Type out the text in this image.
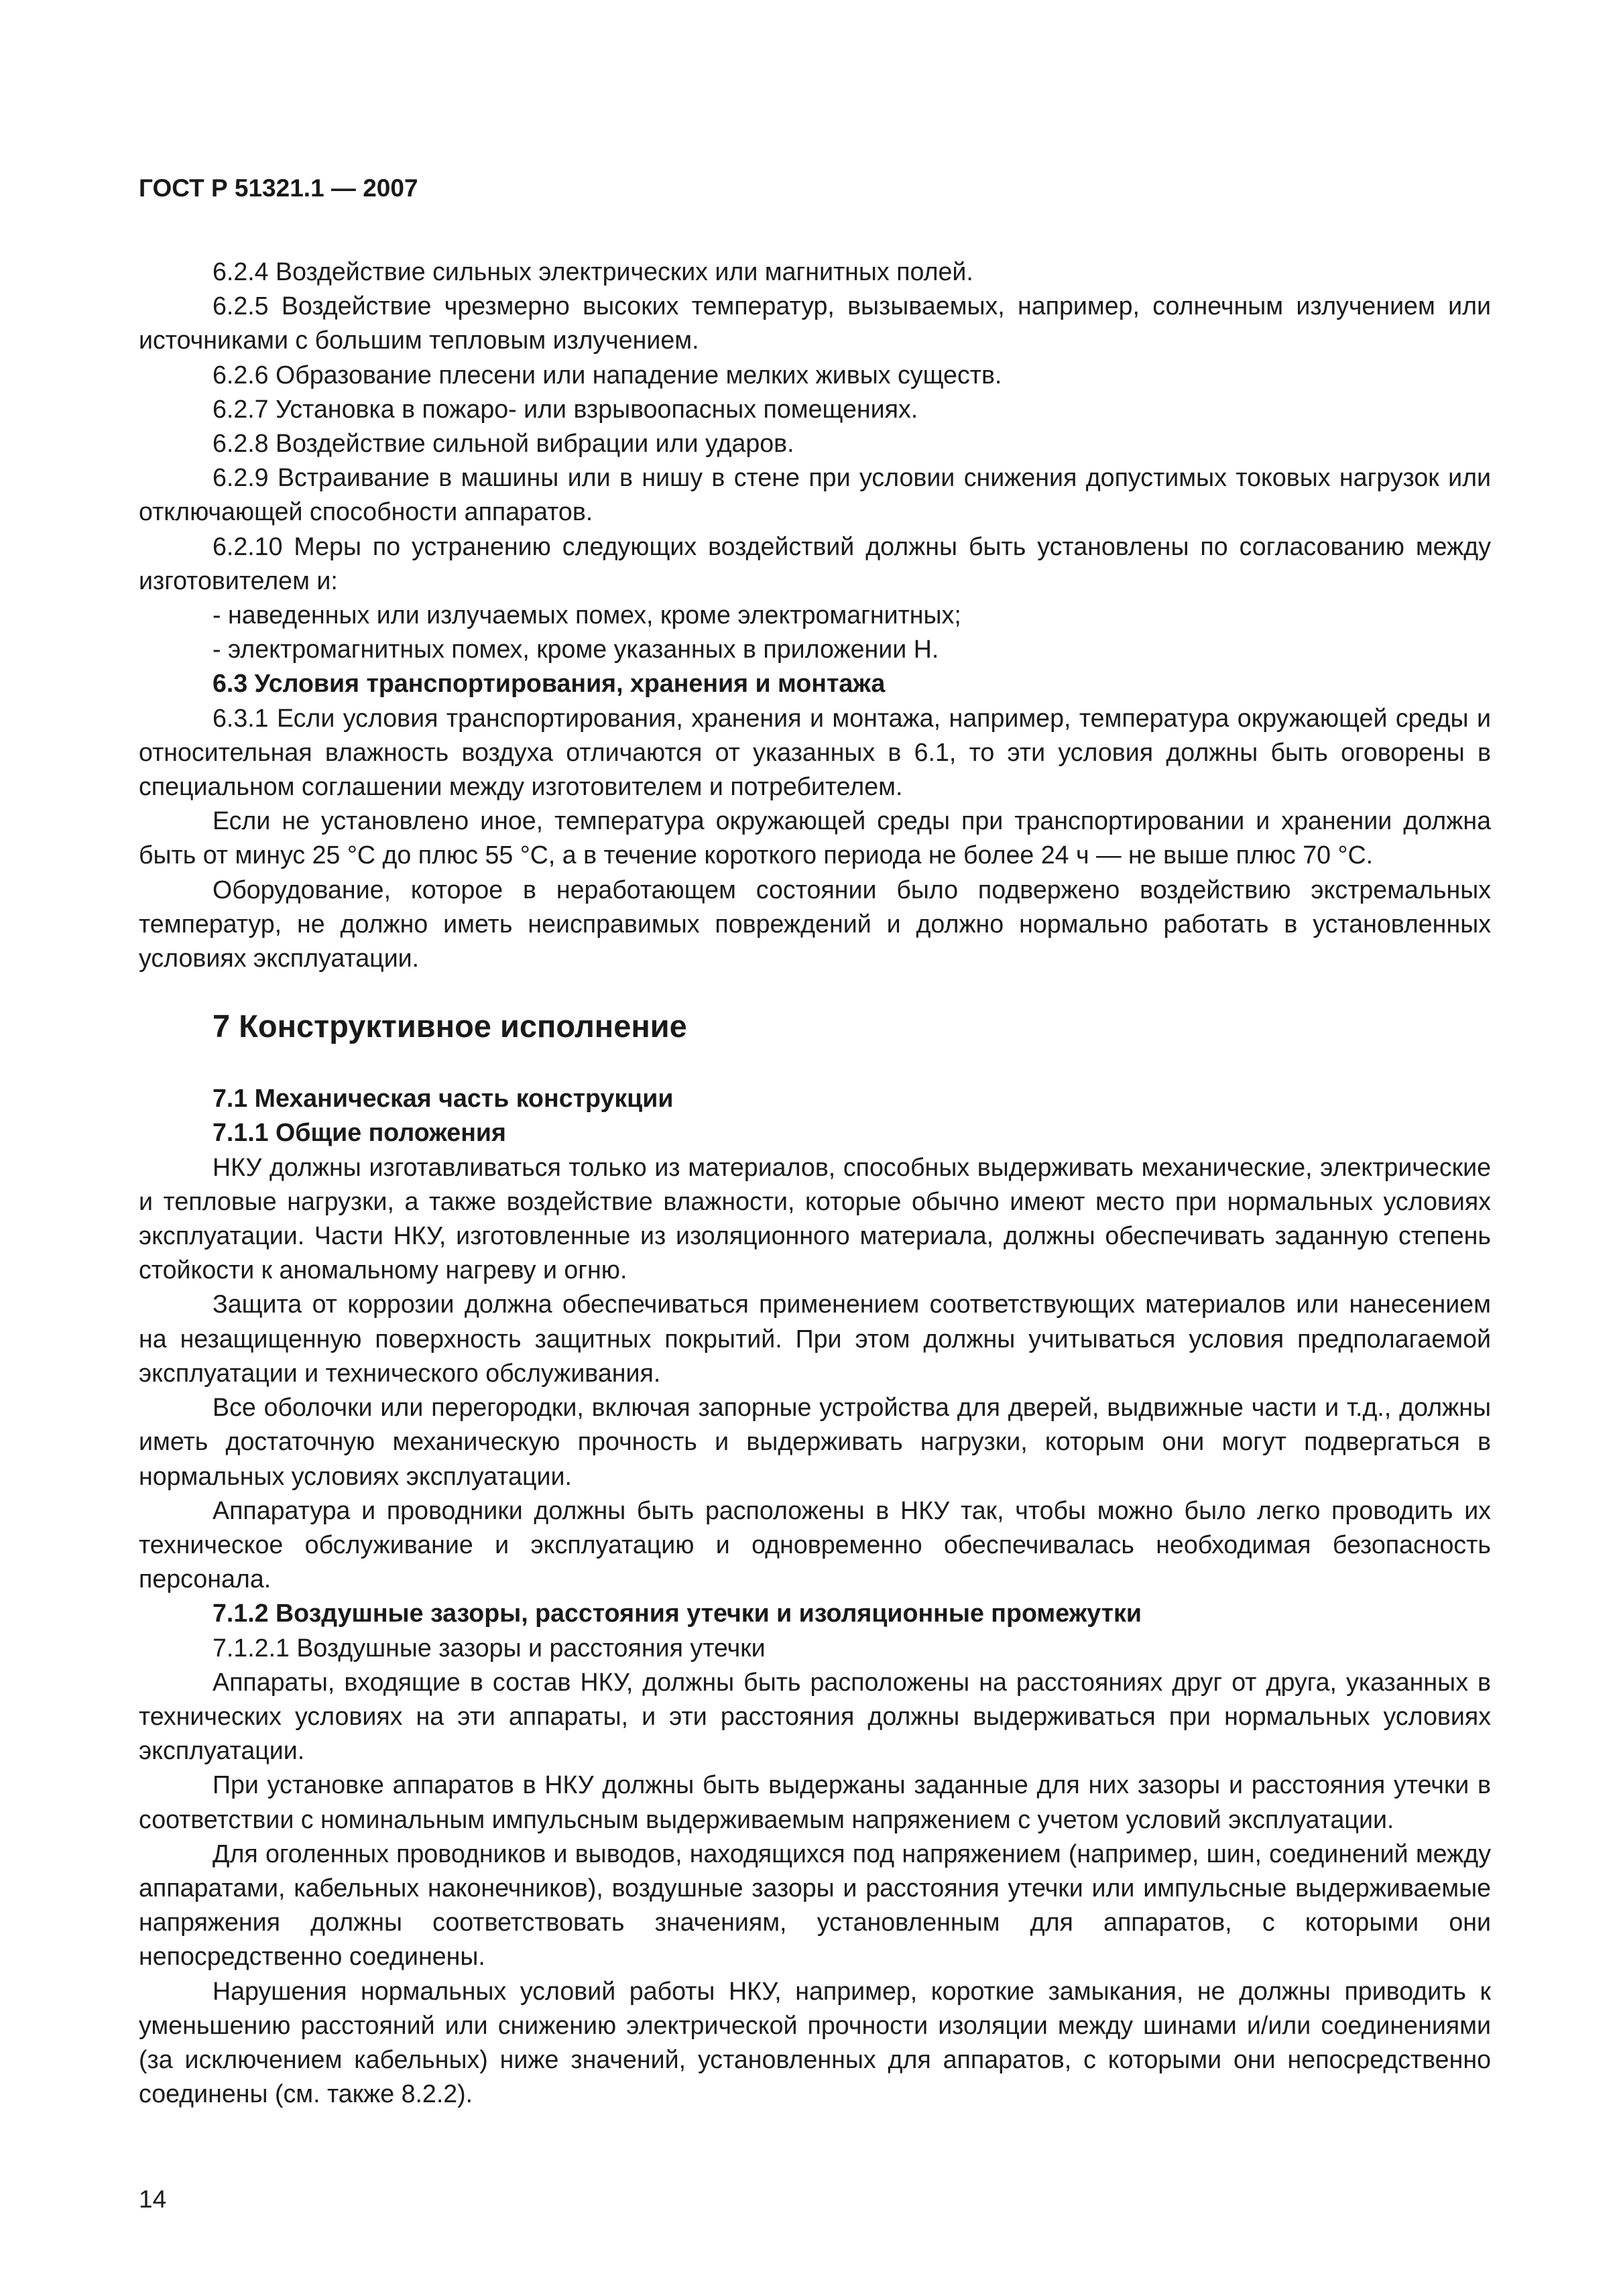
ГОСТ Р 51321.1 — 2007

6.2.4 Воздействие сильных электрических или магнитных полей.

6.2.5 Воздействие чрезмерно высоких температур, вызываемых, например, солнечным излучением или источниками с большим тепловым излучением.

6.2.6 Образование плесени или нападение мелких живых существ.

6.2.7 Установка в пожаро- или взрывоопасных помещениях.

6.2.8 Воздействие сильной вибрации или ударов.

6.2.9 Встраивание в машины или в нишу в стене при условии снижения допустимых токовых нагрузок или отключающей способности аппаратов.

6.2.10 Меры по устранению следующих воздействий должны быть установлены по согласованию между изготовителем и:

- наведенных или излучаемых помех, кроме электромагнитных;

- электромагнитных помех, кроме указанных в приложении Н.

6.3 Условия транспортирования, хранения и монтажа

6.3.1 Если условия транспортирования, хранения и монтажа, например, температура окружающей среды и относительная влажность воздуха отличаются от указанных в 6.1, то эти условия должны быть оговорены в специальном соглашении между изготовителем и потребителем.

Если не установлено иное, температура окружающей среды при транспортировании и хранении должна быть от минус 25 °С до плюс 55 °С, а в течение короткого периода не более 24 ч — не выше плюс 70 °С.

Оборудование, которое в неработающем состоянии было подвержено воздействию экстремальных температур, не должно иметь неисправимых повреждений и должно нормально работать в установленных условиях эксплуатации.

7 Конструктивное исполнение

7.1 Механическая часть конструкции

7.1.1 Общие положения

НКУ должны изготавливаться только из материалов, способных выдерживать механические, электрические и тепловые нагрузки, а также воздействие влажности, которые обычно имеют место при нормальных условиях эксплуатации. Части НКУ, изготовленные из изоляционного материала, должны обеспечивать заданную степень стойкости к аномальному нагреву и огню.

Защита от коррозии должна обеспечиваться применением соответствующих материалов или нанесением на незащищенную поверхность защитных покрытий. При этом должны учитываться условия предполагаемой эксплуатации и технического обслуживания.

Все оболочки или перегородки, включая запорные устройства для дверей, выдвижные части и т.д., должны иметь достаточную механическую прочность и выдерживать нагрузки, которым они могут подвергаться в нормальных условиях эксплуатации.

Аппаратура и проводники должны быть расположены в НКУ так, чтобы можно было легко проводить их техническое обслуживание и эксплуатацию и одновременно обеспечивалась необходимая безопасность персонала.

7.1.2 Воздушные зазоры, расстояния утечки и изоляционные промежутки

7.1.2.1 Воздушные зазоры и расстояния утечки

Аппараты, входящие в состав НКУ, должны быть расположены на расстояниях друг от друга, указанных в технических условиях на эти аппараты, и эти расстояния должны выдерживаться при нормальных условиях эксплуатации.

При установке аппаратов в НКУ должны быть выдержаны заданные для них зазоры и расстояния утечки в соответствии с номинальным импульсным выдерживаемым напряжением с учетом условий эксплуатации.

Для оголенных проводников и выводов, находящихся под напряжением (например, шин, соединений между аппаратами, кабельных наконечников), воздушные зазоры и расстояния утечки или импульсные выдерживаемые напряжения должны соответствовать значениям, установленным для аппаратов, с которыми они непосредственно соединены.

Нарушения нормальных условий работы НКУ, например, короткие замыкания, не должны приводить к уменьшению расстояний или снижению электрической прочности изоляции между шинами и/или соединениями (за исключением кабельных) ниже значений, установленных для аппаратов, с которыми они непосредственно соединены (см. также 8.2.2).

14
